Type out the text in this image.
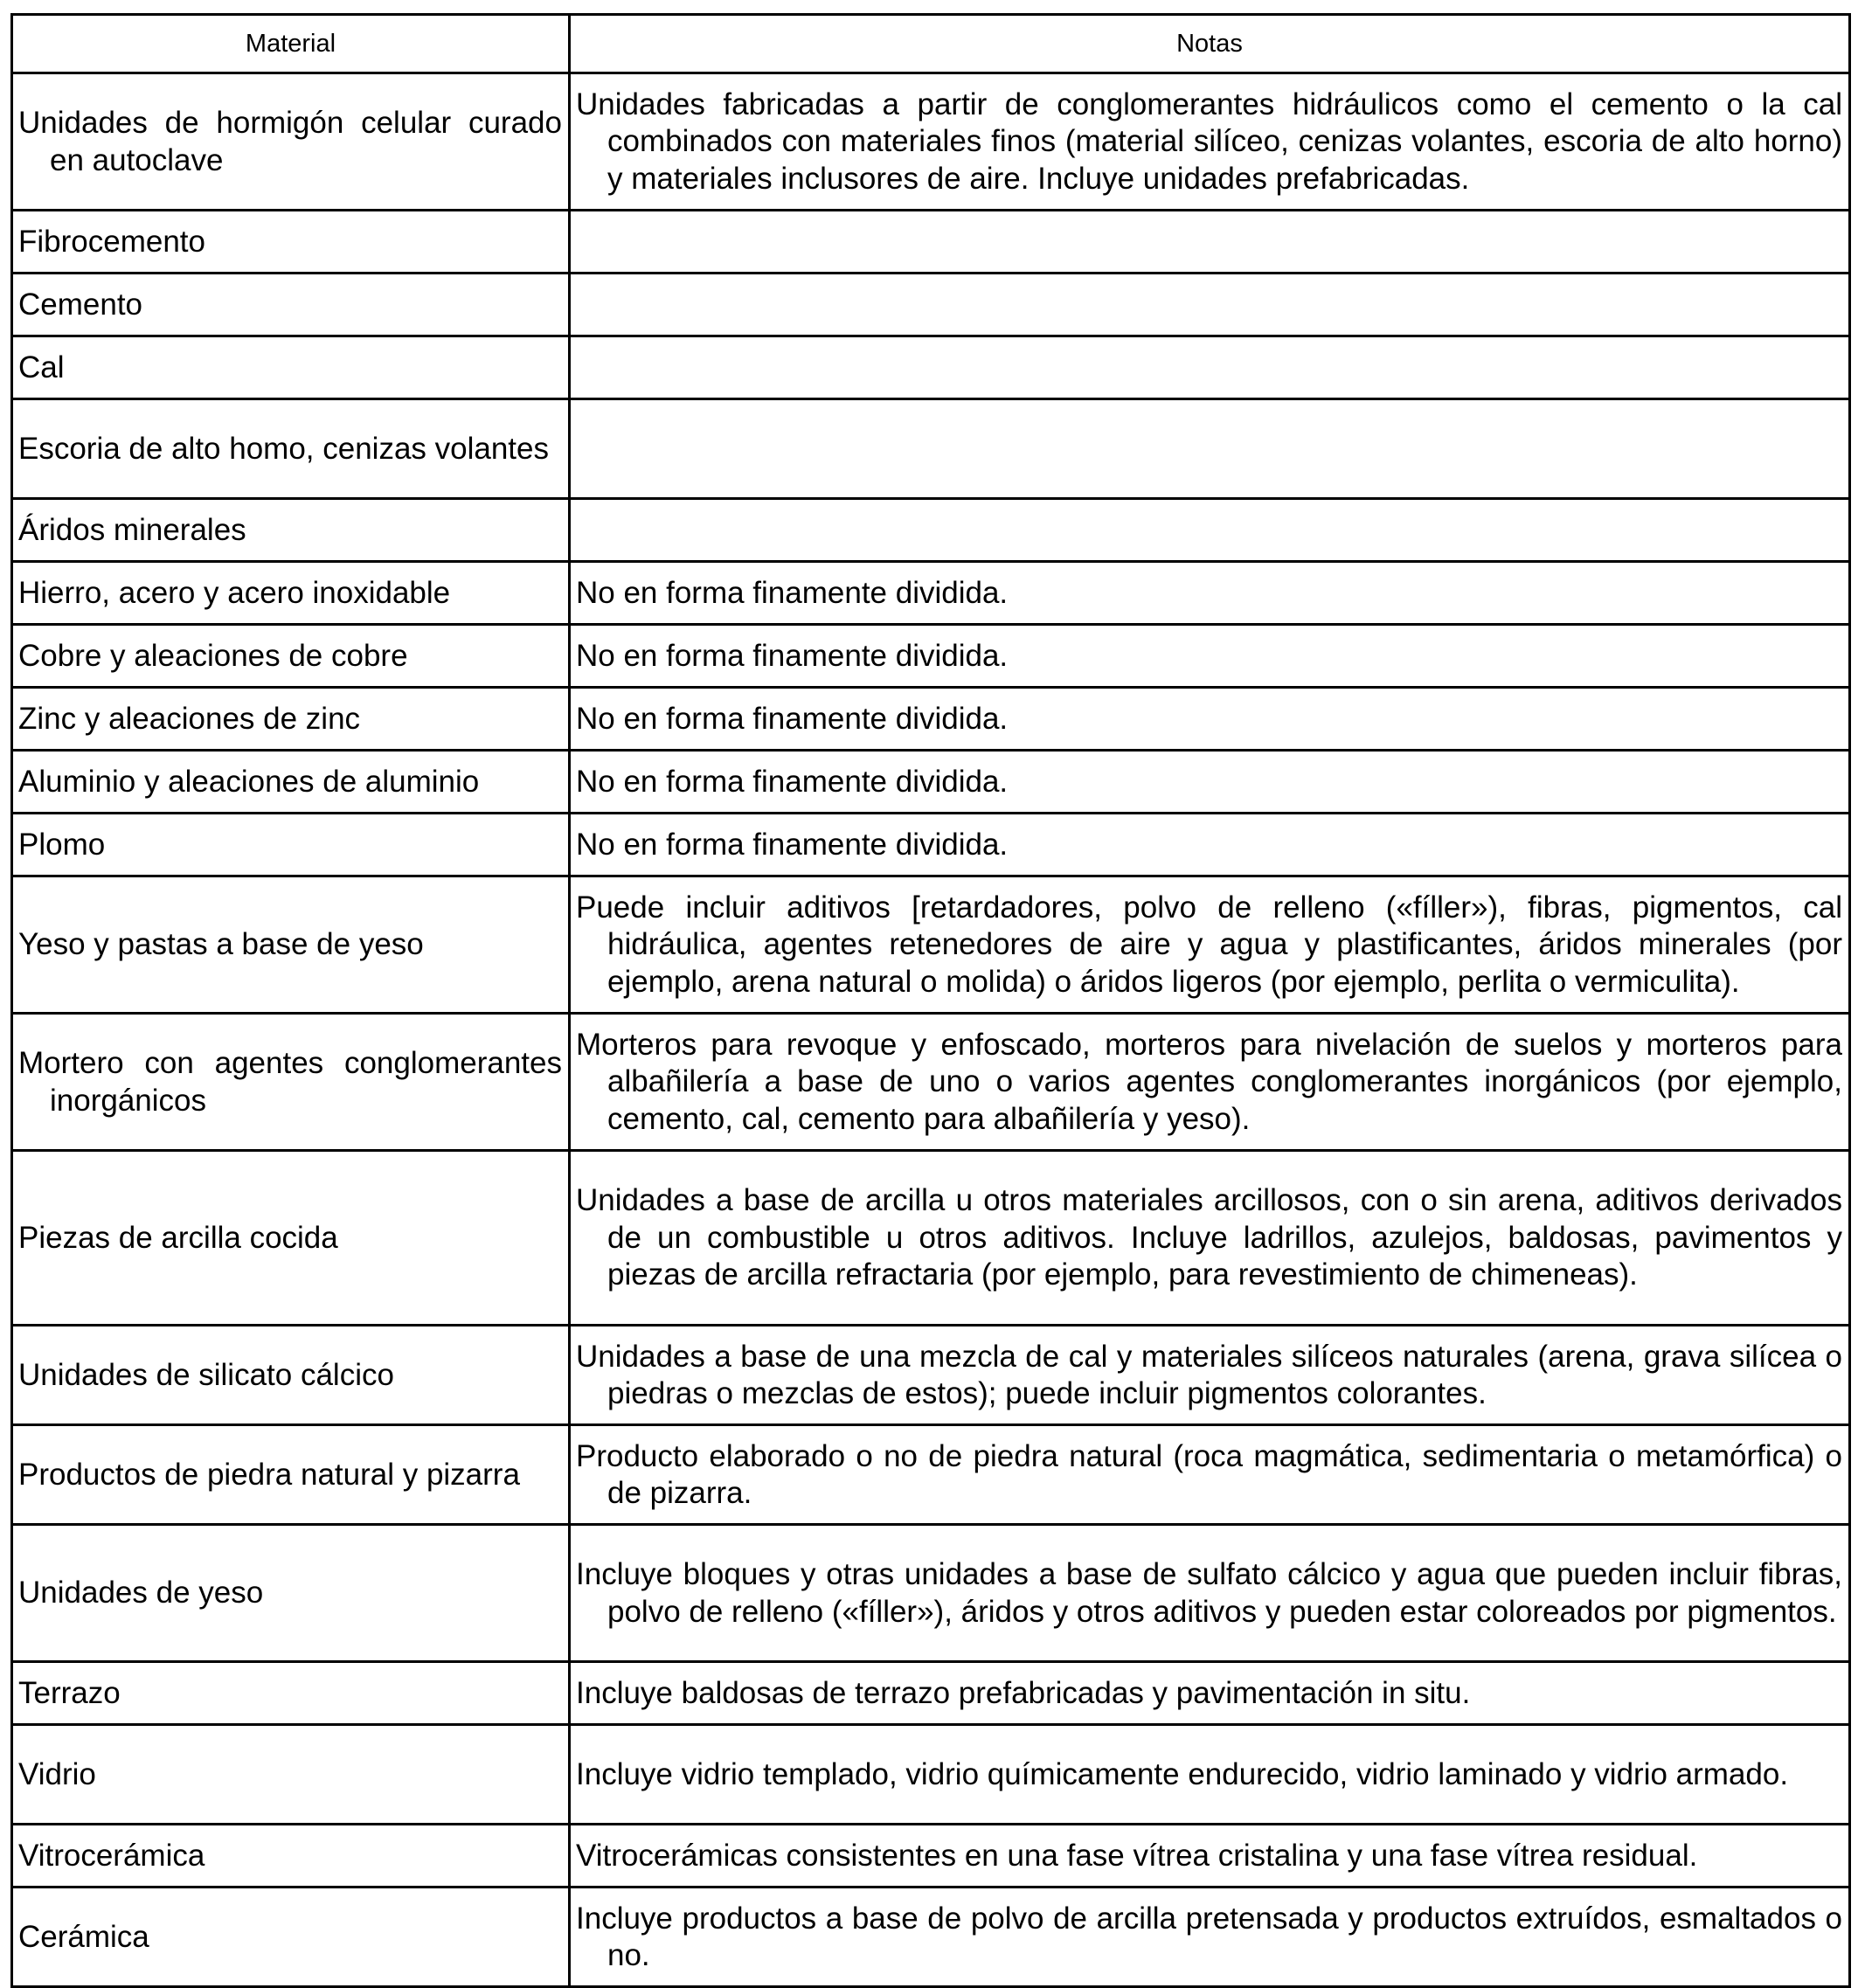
Material	Notas
Unidades de hormigón celular curado en autoclave	Unidades fabricadas a partir de conglomerantes hidráulicos como el cemento o la cal combinados con materiales finos (material silíceo, cenizas volantes, escoria de alto horno) y materiales inclusores de aire. Incluye unidades prefabricadas.
Fibrocemento	
Cemento	
Cal	
Escoria de alto homo, cenizas volantes	
Áridos minerales	
Hierro, acero y acero inoxidable	No en forma finamente dividida.
Cobre y aleaciones de cobre	No en forma finamente dividida.
Zinc y aleaciones de zinc	No en forma finamente dividida.
Aluminio y aleaciones de aluminio	No en forma finamente dividida.
Plomo	No en forma finamente dividida.
Yeso y pastas a base de yeso	Puede incluir aditivos [retardadores, polvo de relleno («fíller»), fibras, pigmentos, cal hidráulica, agentes retenedores de aire y agua y plastificantes, áridos minerales (por ejemplo, arena natural o molida) o áridos ligeros (por ejemplo, perlita o vermiculita).
Mortero con agentes conglomerantes inorgánicos	Morteros para revoque y enfoscado, morteros para nivelación de suelos y morteros para albañilería a base de uno o varios agentes conglomerantes inorgánicos (por ejemplo, cemento, cal, cemento para albañilería y yeso).
Piezas de arcilla cocida	Unidades a base de arcilla u otros materiales arcillosos, con o sin arena, aditivos derivados de un combustible u otros aditivos. Incluye ladrillos, azulejos, baldosas, pavimentos y piezas de arcilla refractaria (por ejemplo, para revestimiento de chimeneas).
Unidades de silicato cálcico	Unidades a base de una mezcla de cal y materiales silíceos naturales (arena, grava silícea o piedras o mezclas de estos); puede incluir pigmentos colorantes.
Productos de piedra natural y pizarra	Producto elaborado o no de piedra natural (roca magmática, sedimentaria o metamórfica) o de pizarra.
Unidades de yeso	Incluye bloques y otras unidades a base de sulfato cálcico y agua que pueden incluir fibras, polvo de relleno («fíller»), áridos y otros aditivos y pueden estar coloreados por pigmentos.
Terrazo	Incluye baldosas de terrazo prefabricadas y pavimentación in situ.
Vidrio	Incluye vidrio templado, vidrio químicamente endurecido, vidrio laminado y vidrio armado.
Vitrocerámica	Vitrocerámicas consistentes en una fase vítrea cristalina y una fase vítrea residual.
Cerámica	Incluye productos a base de polvo de arcilla pretensada y productos extruídos, esmaltados o no.
